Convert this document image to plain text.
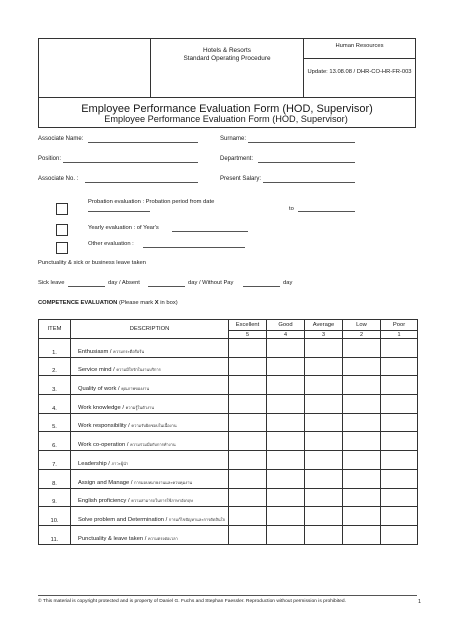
Hotels & Resorts
Standard Operating Procedure
Human Resources
Update: 13.08.08 / DHR-CO-HR-FR-003
Employee Performance Evaluation Form (HOD, Supervisor)
Employee Performance Evaluation Form (HOD, Supervisor)
Associate Name:	Surname:
Position:	Department:
Associate No. :	Present Salary:
Probation evaluation : Probation period from date
to
Yearly evaluation : of Year's
Other evaluation :
Punctuality & sick or business leave taken
Sick leave	day / Absent	day / Without Pay	day
COMPETENCE EVALUATION (Please mark X in box)
ITEM	DESCRIPTION	Excellent	Good	Average	Low	Poor
		5	4	3	2	1
1.	Enthusiasm / ความกระตือรือร้น					
2.	Service mind / ความมีใจรักในงานบริการ					
3.	Quality of work / คุณภาพของงาน					
4.	Work knowledge / ความรู้ในตัวงาน					
5.	Work responsibility / ความรับผิดชอบในเนื้องาน					
6.	Work co-operation / ความร่วมมือกับการทำงาน					
7.	Leadership / ภาวะผู้นำ					
8.	Assign and Manage / การมอบหมายงานและควบคุมงาน					
9.	English proficiency / ความสามารถในการใช้ภาษาอังกฤษ					
10.	Solve problem and Determination / การแก้ไขปัญหาและการตัดสินใจ					
11.	Punctuality & leave taken / ความตรงต่อเวลา					
© This material is copyright protected and is property of Daniel G. Fuchs and Stephan Faessler. Reproduction without permission is prohibited.	1
